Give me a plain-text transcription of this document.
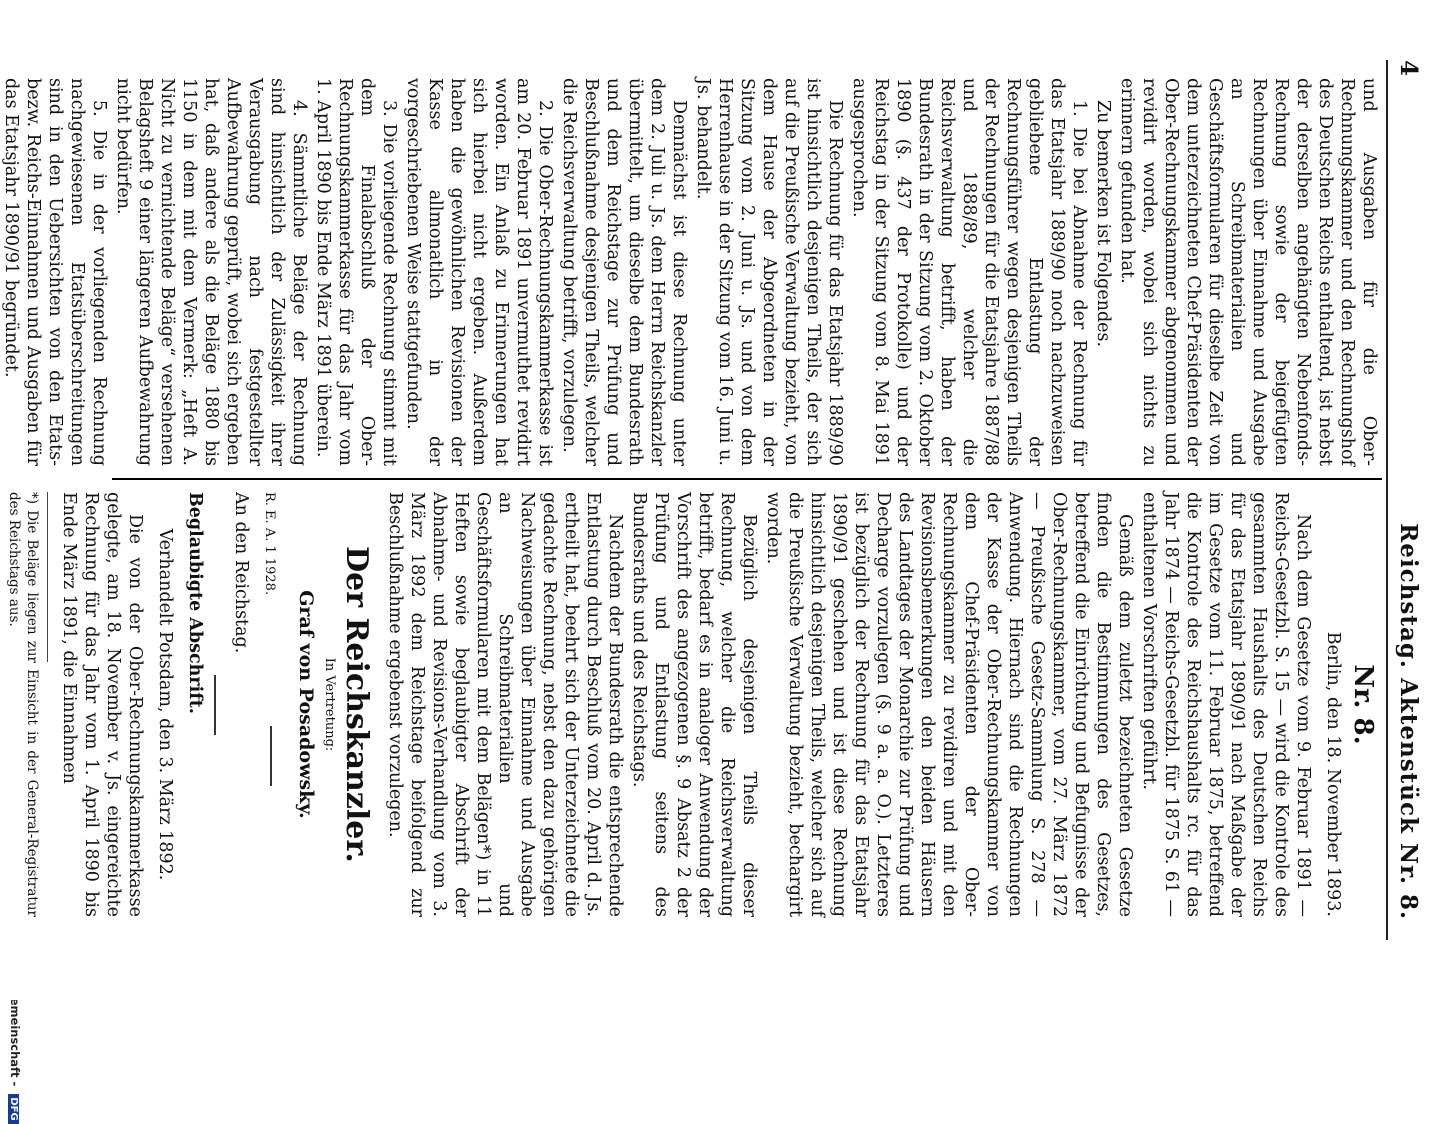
DFG
4
Reichstag. Aktenstück Nr. 8.

und Ausgaben für die Ober-Rechnungskammer und den Rechnungshof des Deutschen Reichs enthaltend, ist nebst der derselben angehängten Nebenfonds-Rechnung sowie der beigefügten Rechnungen über Einnahme und Ausgabe an Schreibmaterialien und Geschäftsformularen für dieselbe Zeit von dem unterzeichneten Chef-Präsidenten der Ober-Rechnungskammer abgenommen und revidirt worden, wobei sich nichts zu erinnern gefunden hat.

Zu bemerken ist Folgendes.

1. Die bei Abnahme der Rechnung für das Etatsjahr 1889/90 noch nachzuweisen gebliebene Entlastung der Rechnungsführer wegen desjenigen Theils der Rechnungen für die Etatsjahre 1887/88 und 1888/89, welcher die Reichsverwaltung betrifft, haben der Bundesrath in der Sitzung vom 2. Oktober 1890 (§. 437 der Protokolle) und der Reichstag in der Sitzung vom 8. Mai 1891 ausgesprochen.

Die Rechnung für das Etatsjahr 1889/90 ist hinsichtlich desjenigen Theils, der sich auf die Preußische Verwaltung bezieht, von dem Hause der Abgeordneten in der Sitzung vom 2. Juni u. Js. und von dem Herrenhause in der Sitzung vom 16. Juni u. Js. behandelt.

Demnächst ist diese Rechnung unter dem 2. Juli u. Js. dem Herrn Reichskanzler übermittelt, um dieselbe dem Bundesrath und dem Reichstage zur Prüfung und Beschlußnahme desjenigen Theils, welcher die Reichsverwaltung betrifft, vorzulegen.

2. Die Ober-Rechnungskammerkasse ist am 20. Februar 1891 unvermuthet revidirt worden. Ein Anlaß zu Erinnerungen hat sich hierbei nicht ergeben. Außerdem haben die gewöhnlichen Revisionen der Kasse allmonatlich in der vorgeschriebenen Weise stattgefunden.

3. Die vorliegende Rechnung stimmt mit dem Finalabschluß der Ober-Rechnungskammerkasse für das Jahr vom 1. April 1890 bis Ende März 1891 überein.

4. Sämmtliche Beläge der Rechnung sind hinsichtlich der Zulässigkeit ihrer Verausgabung nach festgestellter Aufbewahrung geprüft, wobei sich ergeben hat, daß andere als die Beläge 1880 bis 1150 in dem mit dem Vermerk: „Heft A. Nicht zu vernichtende Beläge“ versehenen Belagsheft 9 einer längeren Aufbewahrung nicht bedürfen.

5. Die in der vorliegenden Rechnung nachgewiesenen Etatsüberschreitungen sind in den Uebersichten von den Etats- bezw. Reichs-Einnahmen und Ausgaben für das Etatsjahr 1890/91 begründet.

Nr. 8.
Berlin, den 18. November 1893.

Nach dem Gesetze vom 9. Februar 1891 — Reichs-Gesetzbl. S. 15 — wird die Kontrole des gesammten Haushalts des Deutschen Reichs für das Etatsjahr 1890/91 nach Maßgabe der im Gesetze vom 11. Februar 1875, betreffend die Kontrole des Reichshaushalts rc. für das Jahr 1874 — Reichs-Gesetzbl. für 1875 S. 61 — enthaltenen Vorschriften geführt.

Gemäß dem zuletzt bezeichneten Gesetze finden die Bestimmungen des Gesetzes, betreffend die Einrichtung und Befugnisse der Ober-Rechnungskammer, vom 27. März 1872 — Preußische Gesetz-Sammlung S. 278 — Anwendung. Hiernach sind die Rechnungen der Kasse der Ober-Rechnungskammer von dem Chef-Präsidenten der Ober-Rechnungskammer zu revidiren und mit den Revisionsbemerkungen den beiden Häusern des Landtages der Monarchie zur Prüfung und Decharge vorzulegen (§. 9 a. a. O.). Letzteres ist bezüglich der Rechnung für das Etatsjahr 1890/91 geschehen und ist diese Rechnung hinsichtlich desjenigen Theils, welcher sich auf die Preußische Verwaltung bezieht, bechargirt worden.

Bezüglich desjenigen Theils dieser Rechnung, welcher die Reichsverwaltung betrifft, bedarf es in analoger Anwendung der Vorschrift des angezogenen §. 9 Absatz 2 der Prüfung und Entlastung seitens des Bundesraths und des Reichstags.

Nachdem der Bundesrath die entsprechende Entlastung durch Beschluß vom 20. April d. Js. ertheilt hat, beehrt sich der Unterzeichnete die gedachte Rechnung, nebst den dazu gehörigen Nachweisungen über Einnahme und Ausgabe an Schreibmaterialien und Geschäftsformularen mit dem Belägen*) in 11 Heften sowie beglaubigter Abschrift der Abnahme- und Revisions-Verhandlung vom 3. März 1892 dem Reichstage beifolgend zur Beschlußnahme ergebenst vorzulegen.

Der Reichskanzler.
In Vertretung:
Graf von Posadowsky.
R. E. A. 1 1928.
An den Reichstag.
Beglaubigte Abschrift.
Verhandelt Potsdam, den 3. März 1892.

Die von der Ober-Rechnungskammerkasse gelegte, am 18. November v. Js. eingereichte Rechnung für das Jahr vom 1. April 1890 bis Ende März 1891, die Einnahmen

*) Die Beläge liegen zur Einsicht in der General-Registratur des Reichstags aus.
